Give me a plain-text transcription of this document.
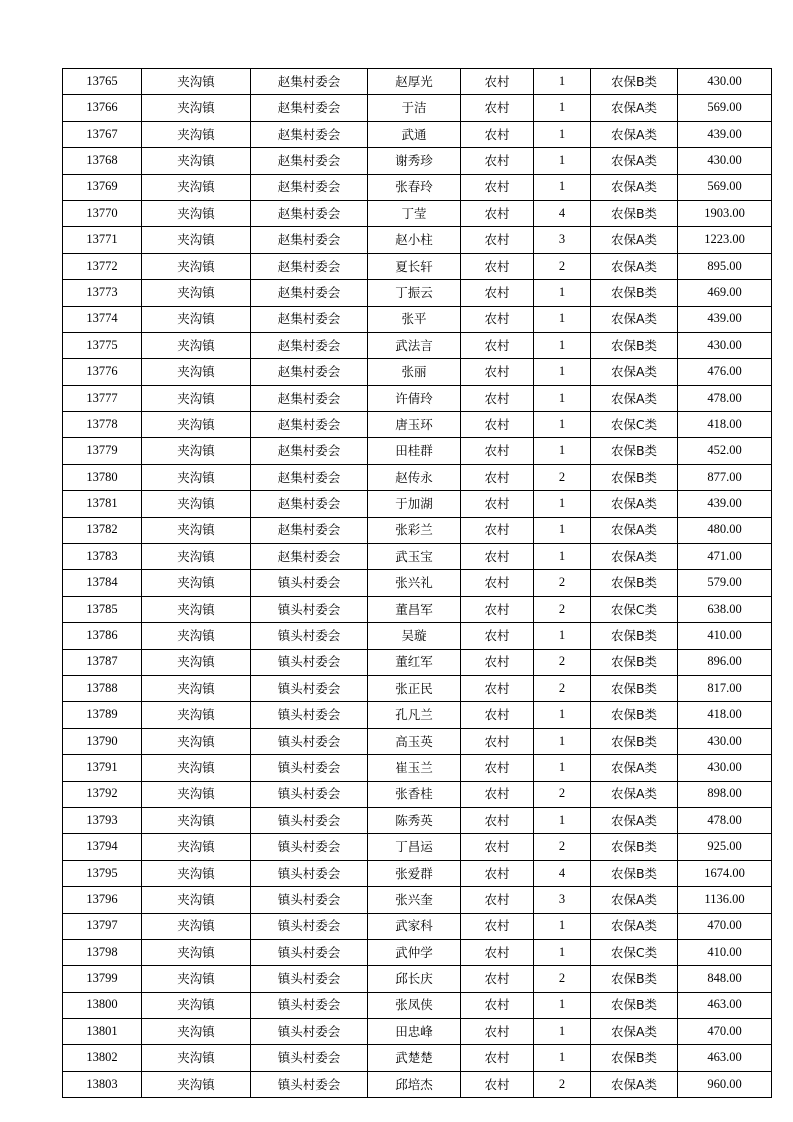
13765	夹沟镇	赵集村委会	赵厚光	农村	1	农保B类	430.00
13766	夹沟镇	赵集村委会	于洁	农村	1	农保A类	569.00
13767	夹沟镇	赵集村委会	武通	农村	1	农保A类	439.00
13768	夹沟镇	赵集村委会	谢秀珍	农村	1	农保A类	430.00
13769	夹沟镇	赵集村委会	张春玲	农村	1	农保A类	569.00
13770	夹沟镇	赵集村委会	丁莹	农村	4	农保B类	1903.00
13771	夹沟镇	赵集村委会	赵小柱	农村	3	农保A类	1223.00
13772	夹沟镇	赵集村委会	夏长轩	农村	2	农保A类	895.00
13773	夹沟镇	赵集村委会	丁振云	农村	1	农保B类	469.00
13774	夹沟镇	赵集村委会	张平	农村	1	农保A类	439.00
13775	夹沟镇	赵集村委会	武法言	农村	1	农保B类	430.00
13776	夹沟镇	赵集村委会	张丽	农村	1	农保A类	476.00
13777	夹沟镇	赵集村委会	许倩玲	农村	1	农保A类	478.00
13778	夹沟镇	赵集村委会	唐玉环	农村	1	农保C类	418.00
13779	夹沟镇	赵集村委会	田桂群	农村	1	农保B类	452.00
13780	夹沟镇	赵集村委会	赵传永	农村	2	农保B类	877.00
13781	夹沟镇	赵集村委会	于加湖	农村	1	农保A类	439.00
13782	夹沟镇	赵集村委会	张彩兰	农村	1	农保A类	480.00
13783	夹沟镇	赵集村委会	武玉宝	农村	1	农保A类	471.00
13784	夹沟镇	镇头村委会	张兴礼	农村	2	农保B类	579.00
13785	夹沟镇	镇头村委会	董昌军	农村	2	农保C类	638.00
13786	夹沟镇	镇头村委会	吴璇	农村	1	农保B类	410.00
13787	夹沟镇	镇头村委会	董红军	农村	2	农保B类	896.00
13788	夹沟镇	镇头村委会	张正民	农村	2	农保B类	817.00
13789	夹沟镇	镇头村委会	孔凡兰	农村	1	农保B类	418.00
13790	夹沟镇	镇头村委会	高玉英	农村	1	农保B类	430.00
13791	夹沟镇	镇头村委会	崔玉兰	农村	1	农保A类	430.00
13792	夹沟镇	镇头村委会	张香桂	农村	2	农保A类	898.00
13793	夹沟镇	镇头村委会	陈秀英	农村	1	农保A类	478.00
13794	夹沟镇	镇头村委会	丁昌运	农村	2	农保B类	925.00
13795	夹沟镇	镇头村委会	张爱群	农村	4	农保B类	1674.00
13796	夹沟镇	镇头村委会	张兴奎	农村	3	农保A类	1136.00
13797	夹沟镇	镇头村委会	武家科	农村	1	农保A类	470.00
13798	夹沟镇	镇头村委会	武仲学	农村	1	农保C类	410.00
13799	夹沟镇	镇头村委会	邱长庆	农村	2	农保B类	848.00
13800	夹沟镇	镇头村委会	张凤侠	农村	1	农保B类	463.00
13801	夹沟镇	镇头村委会	田忠峰	农村	1	农保A类	470.00
13802	夹沟镇	镇头村委会	武楚楚	农村	1	农保B类	463.00
13803	夹沟镇	镇头村委会	邱培杰	农村	2	农保A类	960.00
